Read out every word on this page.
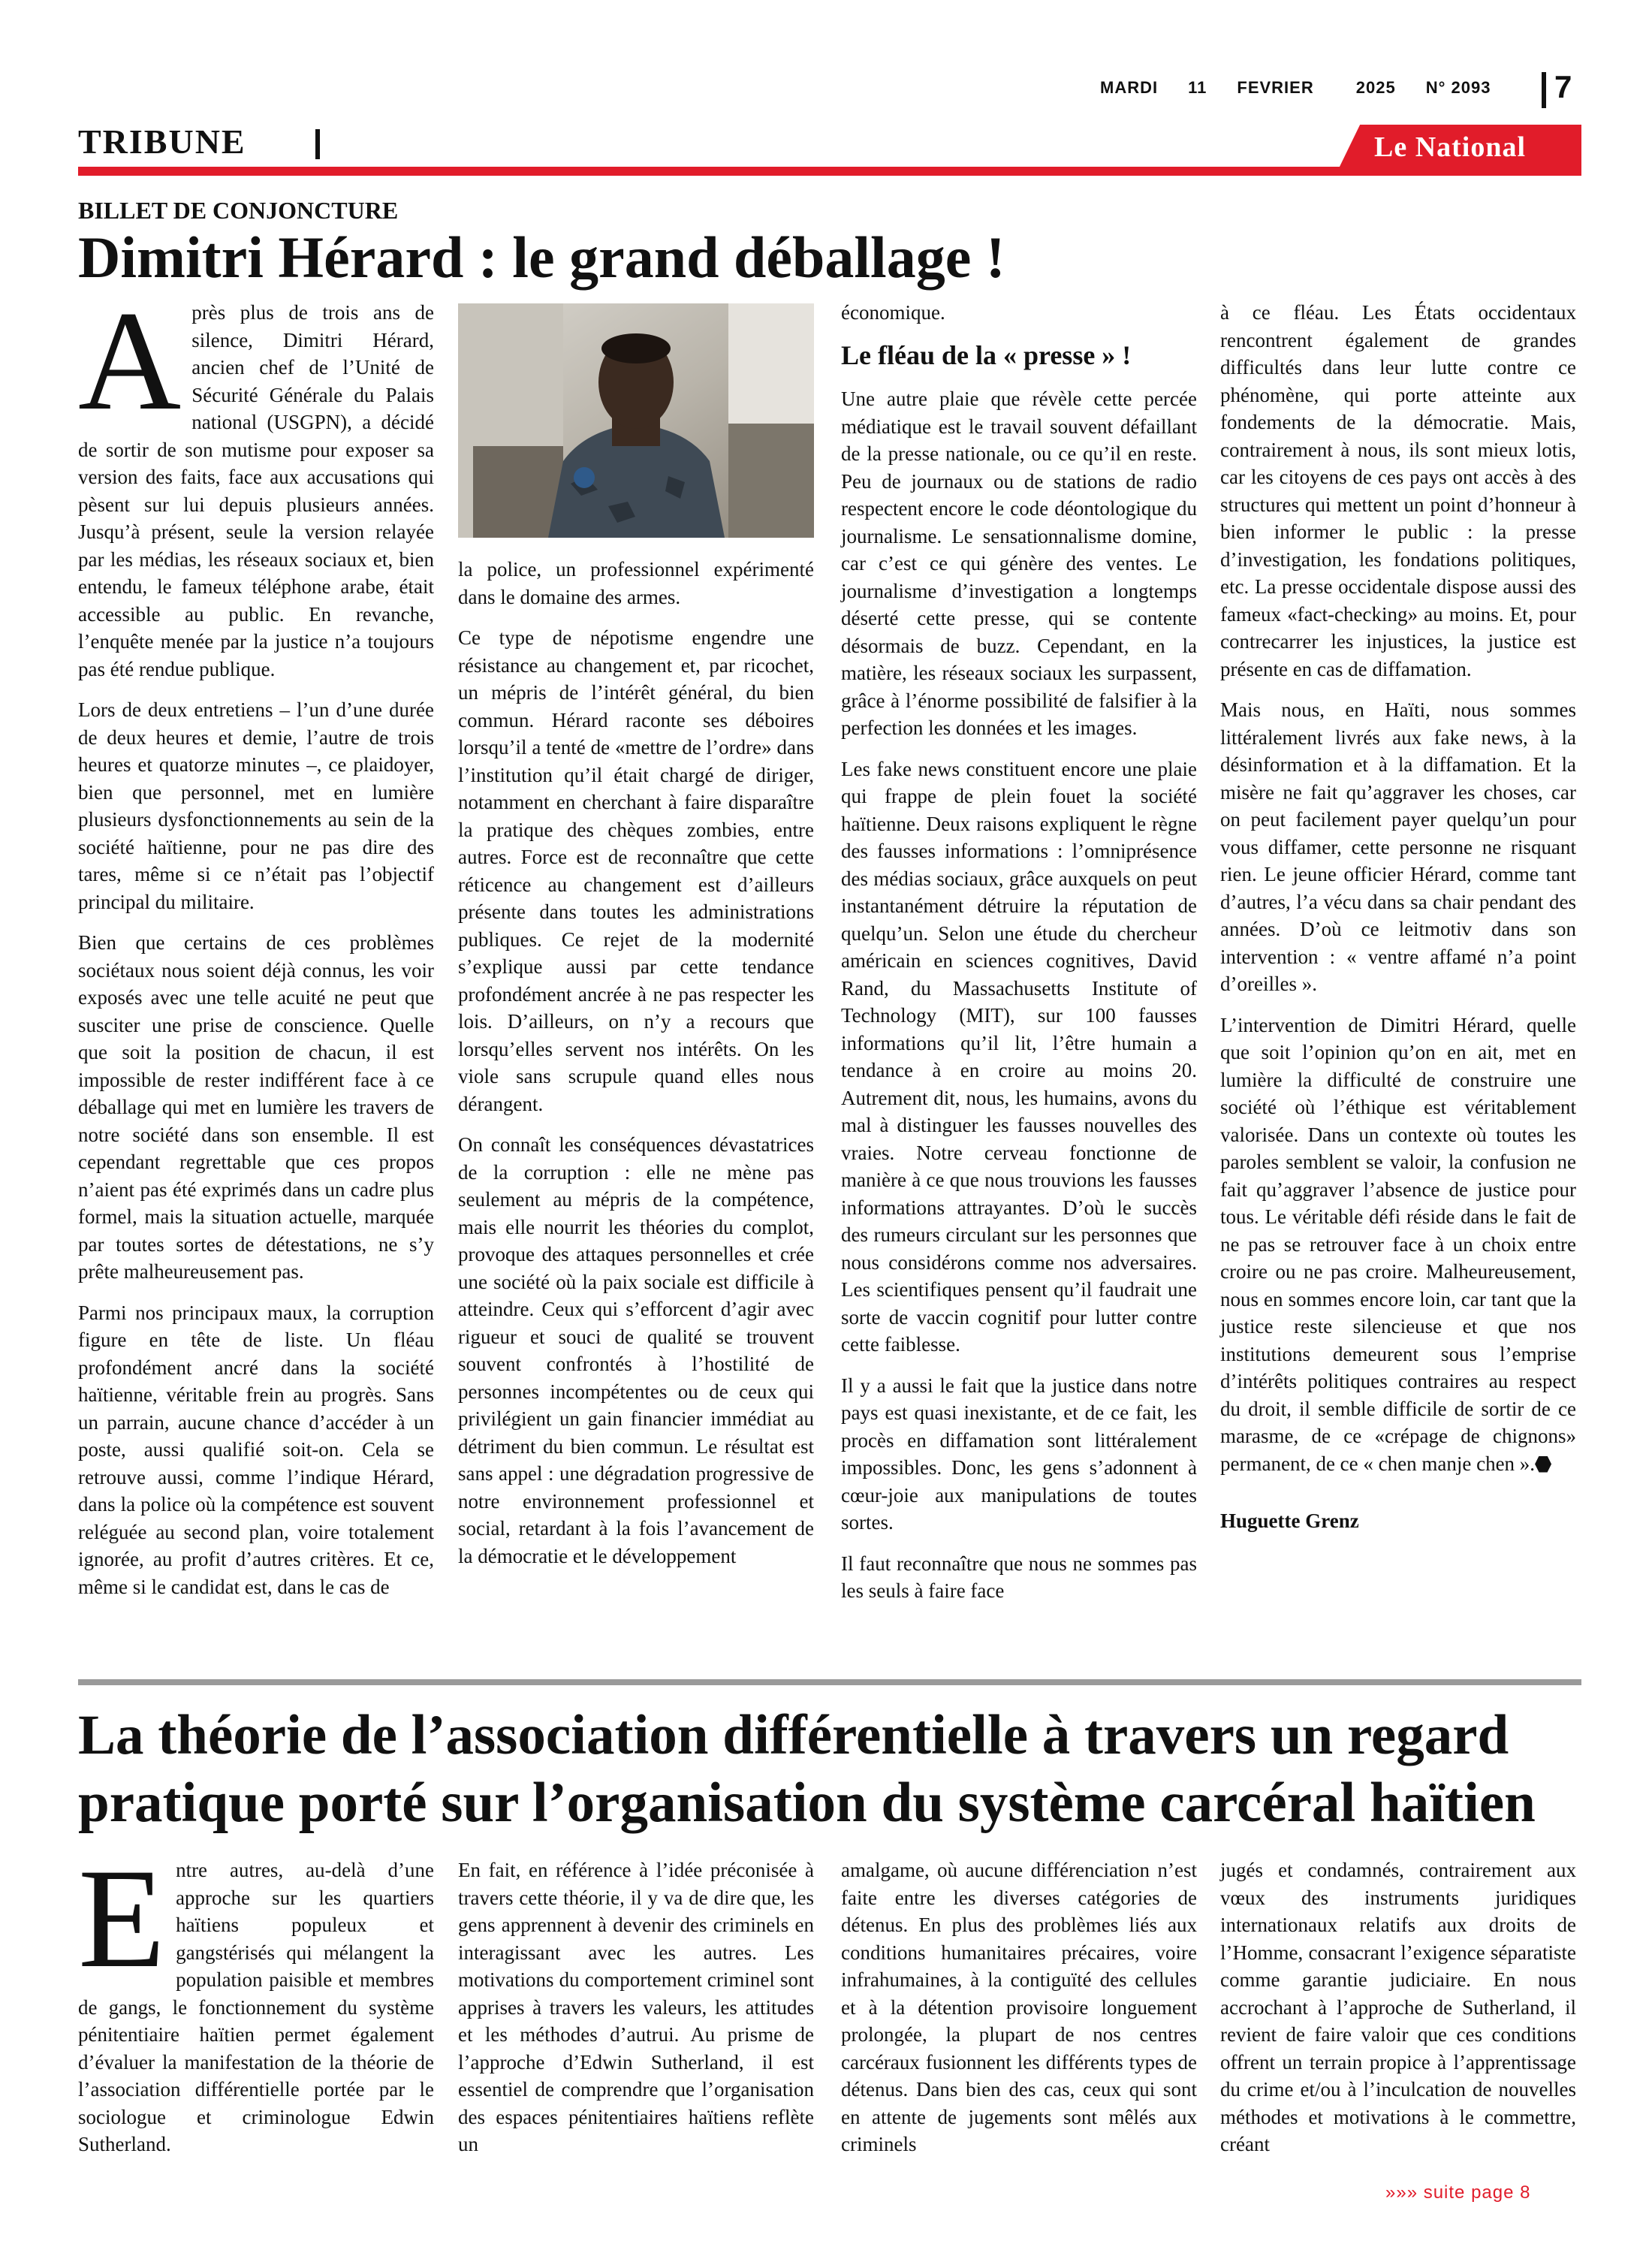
MARDI 11 FEVRIER	2025 N° 2093 7
TRIBUNE	Le National
BILLET DE CONJONCTURE
Dimitri Hérard : le grand déballage !
A près plus de trois ans de silence, Dimitri Hérard, ancien chef de l’Unité de Sécurité Générale du Palais national (USGPN), a décidé de sortir de son mutisme pour exposer sa version des faits, face aux accusations qui pèsent sur lui depuis plusieurs années. Jusqu’à présent, seule la version relayée par les médias, les réseaux sociaux et, bien entendu, le fameux téléphone arabe, était accessible au public. En revanche, l’enquête menée par la justice n’a toujours pas été rendue publique.

Lors de deux entretiens – l’un d’une durée de deux heures et demie, l’autre de trois heures et quatorze minutes –, ce plaidoyer, bien que personnel, met en lumière plusieurs dysfonctionnements au sein de la société haïtienne, pour ne pas dire des tares, même si ce n’était pas l’objectif principal du militaire.

Bien que certains de ces problèmes sociétaux nous soient déjà connus, les voir exposés avec une telle acuité ne peut que susciter une prise de conscience. Quelle que soit la position de chacun, il est impossible de rester indifférent face à ce déballage qui met en lumière les travers de notre société dans son ensemble. Il est cependant regrettable que ces propos n’aient pas été exprimés dans un cadre plus formel, mais la situation actuelle, marquée par toutes sortes de détestations, ne s’y prête malheureusement pas.

Parmi nos principaux maux, la corruption figure en tête de liste. Un fléau profondément ancré dans la société haïtienne, véritable frein au progrès. Sans un parrain, aucune chance d’accéder à un poste, aussi qualifié soit-on. Cela se retrouve aussi, comme l’indique Hérard, dans la police où la compétence est souvent reléguée au second plan, voire totalement ignorée, au profit d’autres critères. Et ce, même si le candidat est, dans le cas de

la police, un professionnel expérimenté dans le domaine des armes.

Ce type de népotisme engendre une résistance au changement et, par ricochet, un mépris de l’intérêt général, du bien commun. Hérard raconte ses déboires lorsqu’il a tenté de «mettre de l’ordre» dans l’institution qu’il était chargé de diriger, notamment en cherchant à faire disparaître la pratique des chèques zombies, entre autres. Force est de reconnaître que cette réticence au changement est d’ailleurs présente dans toutes les administrations publiques. Ce rejet de la modernité s’explique aussi par cette tendance profondément ancrée à ne pas respecter les lois. D’ailleurs, on n’y a recours que lorsqu’elles servent nos intérêts. On les viole sans scrupule quand elles nous dérangent.

On connaît les conséquences dévastatrices de la corruption : elle ne mène pas seulement au mépris de la compétence, mais elle nourrit les théories du complot, provoque des attaques personnelles et crée une société où la paix sociale est difficile à atteindre. Ceux qui s’efforcent d’agir avec rigueur et souci de qualité se trouvent souvent confrontés à l’hostilité de personnes incompétentes ou de ceux qui privilégient un gain financier immédiat au détriment du bien commun. Le résultat est sans appel : une dégradation progressive de notre environnement professionnel et social, retardant à la fois l’avancement de la démocratie et le développement

économique.

Le fléau de la « presse » !

Une autre plaie que révèle cette percée médiatique est le travail souvent défaillant de la presse nationale, ou ce qu’il en reste. Peu de journaux ou de stations de radio respectent encore le code déontologique du journalisme. Le sensationnalisme domine, car c’est ce qui génère des ventes. Le journalisme d’investigation a longtemps déserté cette presse, qui se contente désormais de buzz. Cependant, en la matière, les réseaux sociaux les surpassent, grâce à l’énorme possibilité de falsifier à la perfection les données et les images.

Les fake news constituent encore une plaie qui frappe de plein fouet la société haïtienne. Deux raisons expliquent le règne des fausses informations : l’omniprésence des médias sociaux, grâce auxquels on peut instantanément détruire la réputation de quelqu’un. Selon une étude du chercheur américain en sciences cognitives, David Rand, du Massachusetts Institute of Technology (MIT), sur 100 fausses informations qu’il lit, l’être humain a tendance à en croire au moins 20. Autrement dit, nous, les humains, avons du mal à distinguer les fausses nouvelles des vraies. Notre cerveau fonctionne de manière à ce que nous trouvions les fausses informations attrayantes. D’où le succès des rumeurs circulant sur les personnes que nous considérons comme nos adversaires. Les scientifiques pensent qu’il faudrait une sorte de vaccin cognitif pour lutter contre cette faiblesse.

Il y a aussi le fait que la justice dans notre pays est quasi inexistante, et de ce fait, les procès en diffamation sont littéralement impossibles. Donc, les gens s’adonnent à cœur-joie aux manipulations de toutes sortes.

Il faut reconnaître que nous ne sommes pas les seuls à faire face

à ce fléau. Les États occidentaux rencontrent également de grandes difficultés dans leur lutte contre ce phénomène, qui porte atteinte aux fondements de la démocratie. Mais, contrairement à nous, ils sont mieux lotis, car les citoyens de ces pays ont accès à des structures qui mettent un point d’honneur à bien informer le public : la presse d’investigation, les fondations politiques, etc. La presse occidentale dispose aussi des fameux «fact-checking» au moins. Et, pour contrecarrer les injustices, la justice est présente en cas de diffamation.

Mais nous, en Haïti, nous sommes littéralement livrés aux fake news, à la désinformation et à la diffamation. Et la misère ne fait qu’aggraver les choses, car on peut facilement payer quelqu’un pour vous diffamer, cette personne ne risquant rien. Le jeune officier Hérard, comme tant d’autres, l’a vécu dans sa chair pendant des années. D’où ce leitmotiv dans son intervention : « ventre affamé n’a point d’oreilles ».

L’intervention de Dimitri Hérard, quelle que soit l’opinion qu’on en ait, met en lumière la difficulté de construire une société où l’éthique est véritablement valorisée. Dans un contexte où toutes les paroles semblent se valoir, la confusion ne fait qu’aggraver l’absence de justice pour tous. Le véritable défi réside dans le fait de ne pas se retrouver face à un choix entre croire ou ne pas croire. Malheureusement, nous en sommes encore loin, car tant que la justice reste silencieuse et que nos institutions demeurent sous l’emprise d’intérêts politiques contraires au respect du droit, il semble difficile de sortir de ce marasme, de ce «crépage de chignons» permanent, de ce « chen manje chen ».

Huguette Grenz
La théorie de l’association différentielle à travers un regard
pratique porté sur l’organisation du système carcéral haïtien
E ntre autres, au-delà d’une approche sur les quartiers haïtiens populeux et gangstérisés qui mélangent la population paisible et membres de gangs, le fonctionnement du système pénitentiaire haïtien permet également d’évaluer la manifestation de la théorie de l’association différentielle portée par le sociologue et criminologue Edwin Sutherland.

En fait, en référence à l’idée préconisée à travers cette théorie, il y va de dire que, les gens apprennent à devenir des criminels en interagissant avec les autres. Les motivations du comportement criminel sont apprises à travers les valeurs, les attitudes et les méthodes d’autrui. Au prisme de l’approche d’Edwin Sutherland, il est essentiel de comprendre que l’organisation des espaces pénitentiaires haïtiens reflète un

amalgame, où aucune différenciation n’est faite entre les diverses catégories de détenus. En plus des problèmes liés aux conditions humanitaires précaires, voire infrahumaines, à la contiguïté des cellules et à la détention provisoire longuement prolongée, la plupart de nos centres carcéraux fusionnent les différents types de détenus. Dans bien des cas, ceux qui sont en attente de jugements sont mêlés aux criminels

jugés et condamnés, contrairement aux vœux des instruments juridiques internationaux relatifs aux droits de l’Homme, consacrant l’exigence séparatiste comme garantie judiciaire. En nous accrochant à l’approche de Sutherland, il revient de faire valoir que ces conditions offrent un terrain propice à l’apprentissage du crime et/ou à l’inculcation de nouvelles méthodes et motivations à le commettre, créant

»»» suite page 8
